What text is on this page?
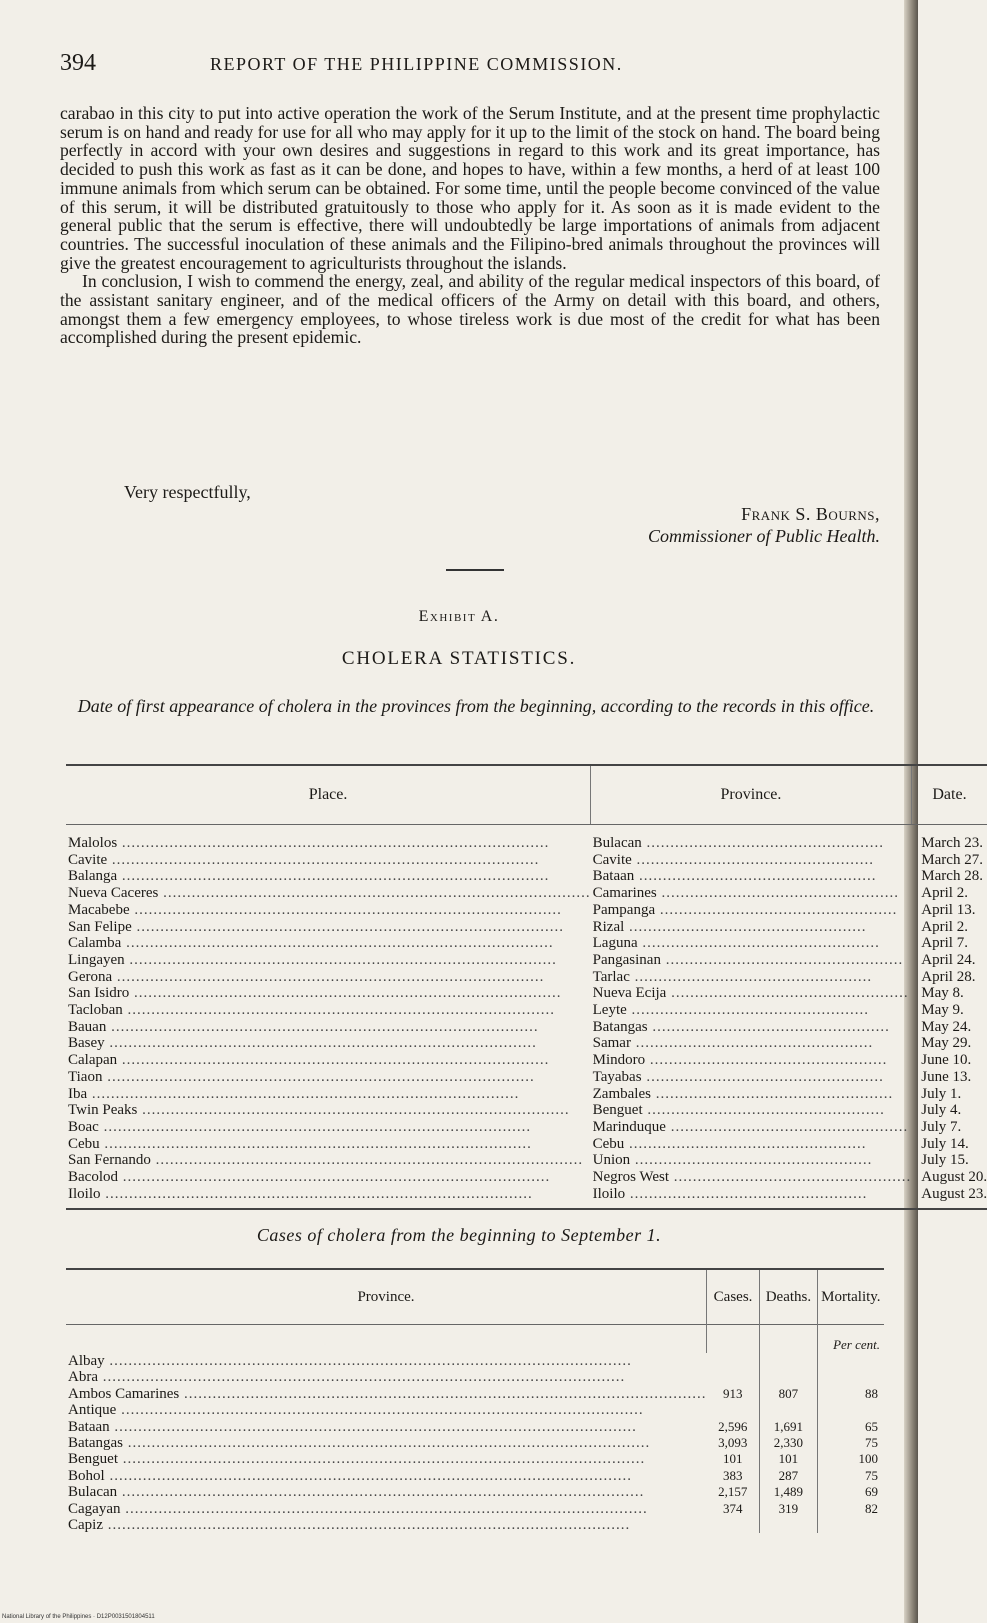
394	REPORT OF THE PHILIPPINE COMMISSION.

carabao in this city to put into active operation the work of the Serum Institute, and at the present time prophylactic serum is on hand and ready for use for all who may apply for it up to the limit of the stock on hand. The board being perfectly in accord with your own desires and suggestions in regard to this work and its great importance, has decided to push this work as fast as it can be done, and hopes to have, within a few months, a herd of at least 100 immune animals from which serum can be obtained. For some time, until the people become convinced of the value of this serum, it will be distributed gratuitously to those who apply for it. As soon as it is made evident to the general public that the serum is effective, there will undoubtedly be large importations of animals from adjacent countries. The successful inoculation of these animals and the Filipino-bred animals throughout the provinces will give the greatest encouragement to agriculturists throughout the islands.

In conclusion, I wish to commend the energy, zeal, and ability of the regular medical inspectors of this board, of the assistant sanitary engineer, and of the medical officers of the Army on detail with this board, and others, amongst them a few emergency employees, to whose tireless work is due most of the credit for what has been accomplished during the present epidemic.

Very respectfully,
Frank S. Bourns,
Commissioner of Public Health.
Exhibit A.
CHOLERA STATISTICS.
Date of first appearance of cholera in the provinces from the beginning, according to the records in this office.
Place.	Province.	Date.
Malolos ..........................................................................................	Bulacan ..................................................	March 23.
Cavite ..........................................................................................	Cavite ..................................................	March 27.
Balanga ..........................................................................................	Bataan ..................................................	March 28.
Nueva Caceres ..........................................................................................	Camarines ..................................................	April 2.
Macabebe ..........................................................................................	Pampanga ..................................................	April 13.
San Felipe ..........................................................................................	Rizal ..................................................	April 2.
Calamba ..........................................................................................	Laguna ..................................................	April 7.
Lingayen ..........................................................................................	Pangasinan ..................................................	April 24.
Gerona ..........................................................................................	Tarlac ..................................................	April 28.
San Isidro ..........................................................................................	Nueva Ecija ..................................................	May 8.
Tacloban ..........................................................................................	Leyte ..................................................	May 9.
Bauan ..........................................................................................	Batangas ..................................................	May 24.
Basey ..........................................................................................	Samar ..................................................	May 29.
Calapan ..........................................................................................	Mindoro ..................................................	June 10.
Tiaon ..........................................................................................	Tayabas ..................................................	June 13.
Iba ..........................................................................................	Zambales ..................................................	July 1.
Twin Peaks ..........................................................................................	Benguet ..................................................	July 4.
Boac ..........................................................................................	Marinduque ..................................................	July 7.
Cebu ..........................................................................................	Cebu ..................................................	July 14.
San Fernando ..........................................................................................	Union ..................................................	July 15.
Bacolod ..........................................................................................	Negros West ..................................................	August 20.
Iloilo ..........................................................................................	Iloilo ..................................................	August 23.
Cases of cholera from the beginning to September 1.
Province.	Cases.	Deaths.	Mortality.
			Per cent.
Albay ..............................................................................................................			
Abra ..............................................................................................................			
Ambos Camarines ..............................................................................................................	913	807	88
Antique ..............................................................................................................			
Bataan ..............................................................................................................	2,596	1,691	65
Batangas ..............................................................................................................	3,093	2,330	75
Benguet ..............................................................................................................	101	101	100
Bohol ..............................................................................................................	383	287	75
Bulacan ..............................................................................................................	2,157	1,489	69
Cagayan ..............................................................................................................	374	319	82
Capiz ..............................................................................................................			
National Library of the Philippines · D12P0031501804511
